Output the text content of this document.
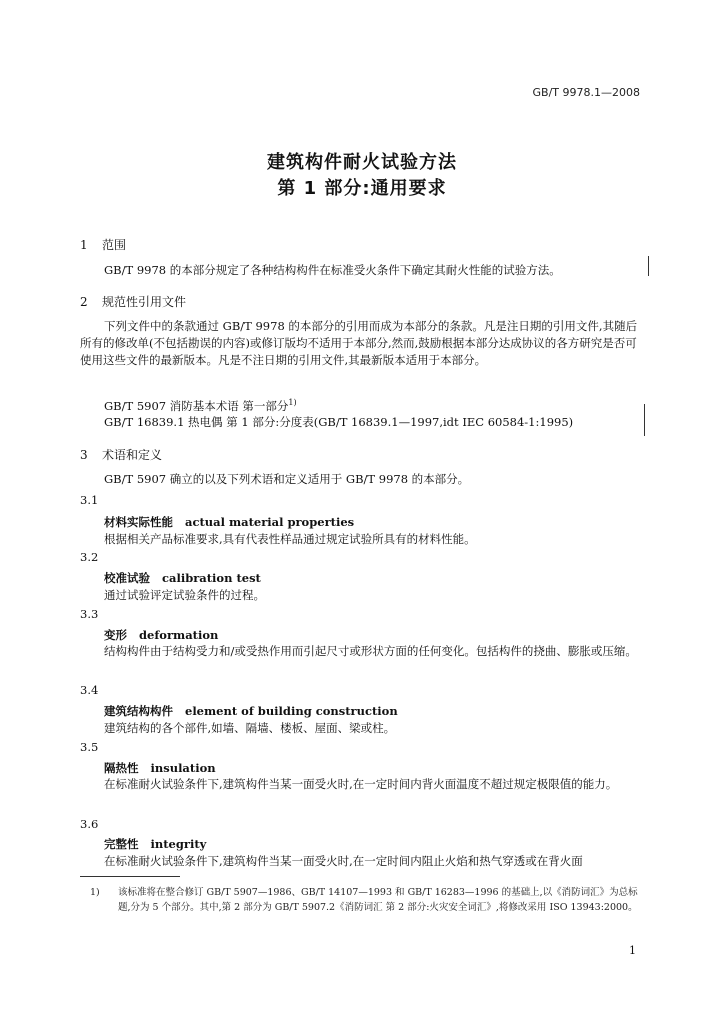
GB/T 9978.1—2008
建筑构件耐火试验方法
第 1 部分:通用要求
1 范围
GB/T 9978 的本部分规定了各种结构构件在标准受火条件下确定其耐火性能的试验方法。
2 规范性引用文件
下列文件中的条款通过 GB/T 9978 的本部分的引用而成为本部分的条款。凡是注日期的引用文件,其随后所有的修改单(不包括勘误的内容)或修订版均不适用于本部分,然而,鼓励根据本部分达成协议的各方研究是否可使用这些文件的最新版本。凡是不注日期的引用文件,其最新版本适用于本部分。
GB/T 5907 消防基本术语 第一部分$^{1)}$
GB/T 16839.1 热电偶 第 1 部分:分度表(GB/T 16839.1—1997,idt IEC 60584-1:1995)
3 术语和定义
GB/T 5907 确立的以及下列术语和定义适用于 GB/T 9978 的本部分。
3.1
材料实际性能 actual material properties
根据相关产品标准要求,具有代表性样品通过规定试验所具有的材料性能。
3.2
校准试验 calibration test
通过试验评定试验条件的过程。
3.3
变形 deformation
结构构件由于结构受力和/或受热作用而引起尺寸或形状方面的任何变化。包括构件的挠曲、膨胀或压缩。
3.4
建筑结构构件 element of building construction
建筑结构的各个部件,如墙、隔墙、楼板、屋面、梁或柱。
3.5
隔热性 insulation
在标准耐火试验条件下,建筑构件当某一面受火时,在一定时间内背火面温度不超过规定极限值的能力。
3.6
完整性 integrity
在标准耐火试验条件下,建筑构件当某一面受火时,在一定时间内阻止火焰和热气穿透或在背火面
1) 该标准将在整合修订 GB/T 5907—1986、GB/T 14107—1993 和 GB/T 16283—1996 的基础上,以《消防词汇》为总标题,分为 5 个部分。其中,第 2 部分为 GB/T 5907.2《消防词汇 第 2 部分:火灾安全词汇》,将修改采用 ISO 13943:2000。
1
